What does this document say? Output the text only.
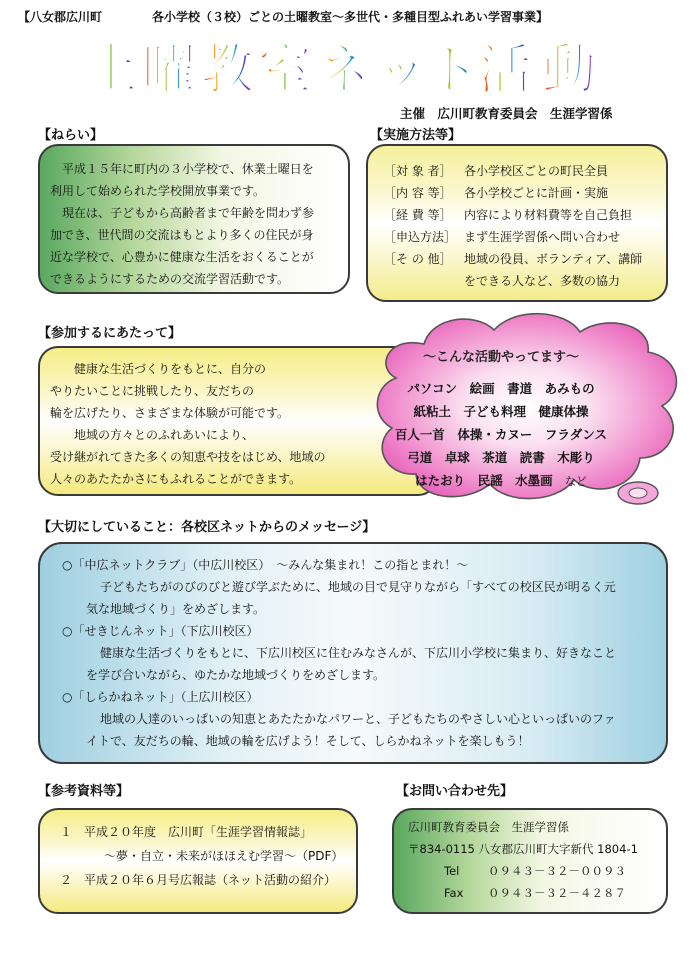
【八女郡広川町	各小学校（３校）ごとの土曜教室～多世代・多種目型ふれあい学習事業】
「 土 曜 教 室 ネ ッ
ト
活 動 」
主催　広川町教育委員会　生涯学習係
【ねらい】
平成１５年に町内の３小学校で、休業土曜日を
利用して始められた学校開放事業です。
現在は、子どもから高齢者まで年齢を問わず参
加でき、世代間の交流はもとより多くの住民が身
近な学校で、心豊かに健康な生活をおくることが
できるようにするための交流学習活動です。
【実施方法等】
［対 象 者］	各小学校区ごとの町民全員
［内 容 等］	各小学校ごとに計画・実施
［経 費 等］	内容により材料費等を自己負担
［申込方法］ まず生涯学習係へ問い合わせ
［そ の 他］	地域の役員、ボランティア、講師
をできる人など、多数の協力
【参加するにあたって】
健康な生活づくりをもとに、自分の
やりたいことに挑戦したり、友だちの
輪を広げたり、さまざまな体験が可能です。
地域の方々とのふれあいにより、
受け継がれてきた多くの知恵や技をはじめ、地域の
人々のあたたかさにもふれることができます。
～こんな活動やってます～
パソコン　絵画　書道　あみもの
紙粘土　子ども料理　健康体操
百人一首　体操・カヌー　フラダンス
弓道　卓球　茶道　読書　木彫り
はたおり　民謡　水墨画 など
【大切にしていること：各校区ネットからのメッセージ】
○「中広ネットクラブ」（中広川校区）　～みんな集まれ！この指とまれ！～
子どもたちがのびのびと遊び学ぶために、地域の目で見守りながら「すべての校区民が明るく元
気な地域づくり」をめざします。
○「せきじんネット」（下広川校区）
健康な生活づくりをもとに、下広川校区に住むみなさんが、下広川小学校に集まり、好きなこと
を学び合いながら、ゆたかな地域づくりをめざします。
○「しらかねネット」（上広川校区）
地域の人達のいっぱいの知恵とあたたかなパワーと、子どもたちのやさしい心といっぱいのファ
イトで、友だちの輪、地域の輪を広げよう！そして、しらかねネットを楽しもう！
【参考資料等】
１　平成２０年度　広川町「生涯学習情報誌」
～夢・自立・未来がほほえむ学習～（PDF）
２　平成２０年６月号広報誌（ネット活動の紹介）
【お問い合わせ先】
広川町教育委員会　生涯学習係
〒834-0115 八女郡広川町大字新代 1804-1
Tel	０９４３－３２－００９３
Fax	０９４３－３２－４２８７
